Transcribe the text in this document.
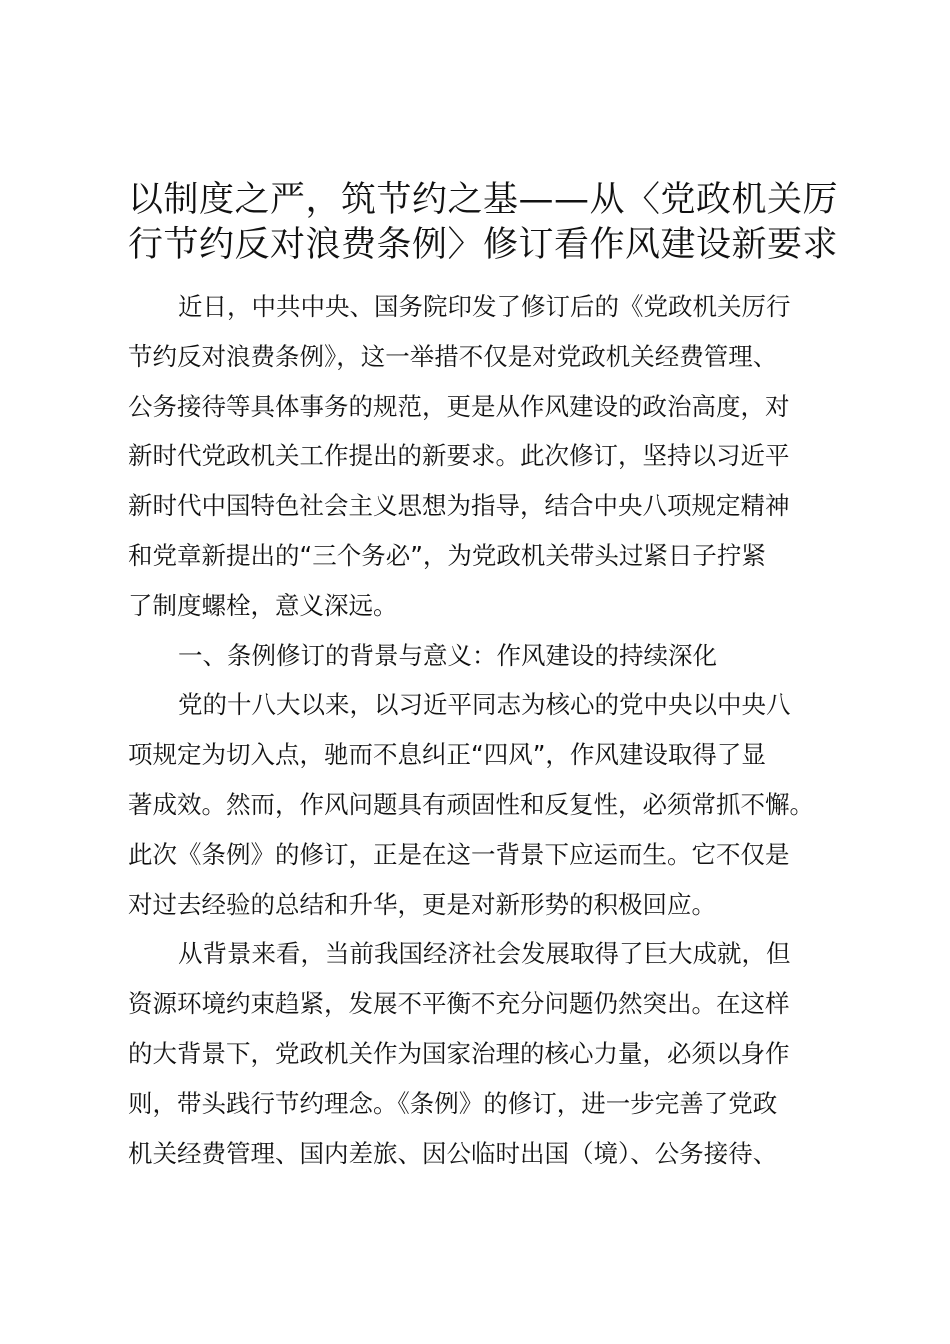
以制度之严，筑节约之基——从〈党政机关厉
行节约反对浪费条例〉修订看作风建设新要求
近日，中共中央、国务院印发了修订后的《党政机关厉行
节约反对浪费条例》，这一举措不仅是对党政机关经费管理、
公务接待等具体事务的规范，更是从作风建设的政治高度，对
新时代党政机关工作提出的新要求。此次修订，坚持以习近平
新时代中国特色社会主义思想为指导，结合中央八项规定精神
和党章新提出的“三个务必”，为党政机关带头过紧日子拧紧
了制度螺栓，意义深远。
一、条例修订的背景与意义：作风建设的持续深化
党的十八大以来，以习近平同志为核心的党中央以中央八
项规定为切入点，驰而不息纠正“四风”，作风建设取得了显
著成效。然而，作风问题具有顽固性和反复性，必须常抓不懈。
此次《条例》的修订，正是在这一背景下应运而生。它不仅是
对过去经验的总结和升华，更是对新形势的积极回应。
从背景来看，当前我国经济社会发展取得了巨大成就，但
资源环境约束趋紧，发展不平衡不充分问题仍然突出。在这样
的大背景下，党政机关作为国家治理的核心力量，必须以身作
则，带头践行节约理念。《条例》的修订，进一步完善了党政
机关经费管理、国内差旅、因公临时出国（境）、公务接待、
